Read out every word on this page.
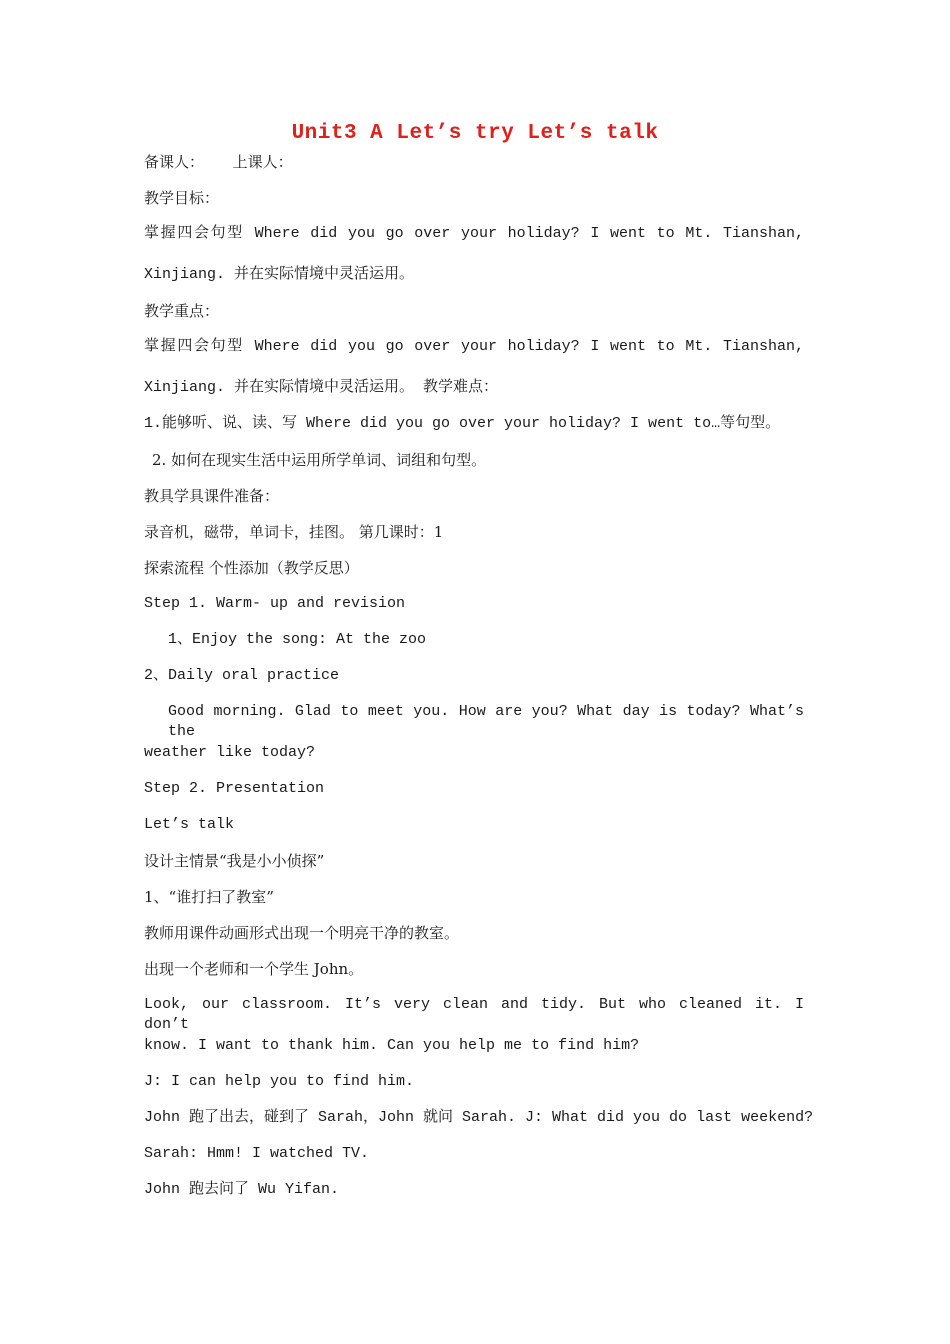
Unit3 A Let’s try Let’s talk
备课人：      上课人：
教学目标：
掌握四会句型 Where did you go over your holiday? I went to Mt. Tianshan,
Xinjiang. 并在实际情境中灵活运用。
教学重点：
掌握四会句型 Where did you go over your holiday? I went to Mt. Tianshan,
Xinjiang. 并在实际情境中灵活运用。 教学难点：
1.能够听、说、读、写 Where did you go over your holiday? I went to…等句型。
2. 如何在现实生活中运用所学单词、词组和句型。
教具学具课件准备：
录音机，磁带，单词卡，挂图。 第几课时：1
探索流程 个性添加（教学反思）
Step 1. Warm- up and revision
1、Enjoy the song: At the zoo
2、Daily oral practice
Good morning. Glad to meet you. How are you? What day is today? What’s the
weather like today?
Step 2. Presentation
Let’s talk
设计主情景“我是小小侦探”
1、“谁打扫了教室”
教师用课件动画形式出现一个明亮干净的教室。
出现一个老师和一个学生 John。
Look, our classroom. It’s very clean and tidy. But who cleaned it. I don’t
know. I want to thank him. Can you help me to find him?
J: I can help you to find him.
John 跑了出去，碰到了 Sarah，John 就问 Sarah. J: What did you do last weekend?
Sarah: Hmm! I watched TV.
John 跑去问了 Wu Yifan.
